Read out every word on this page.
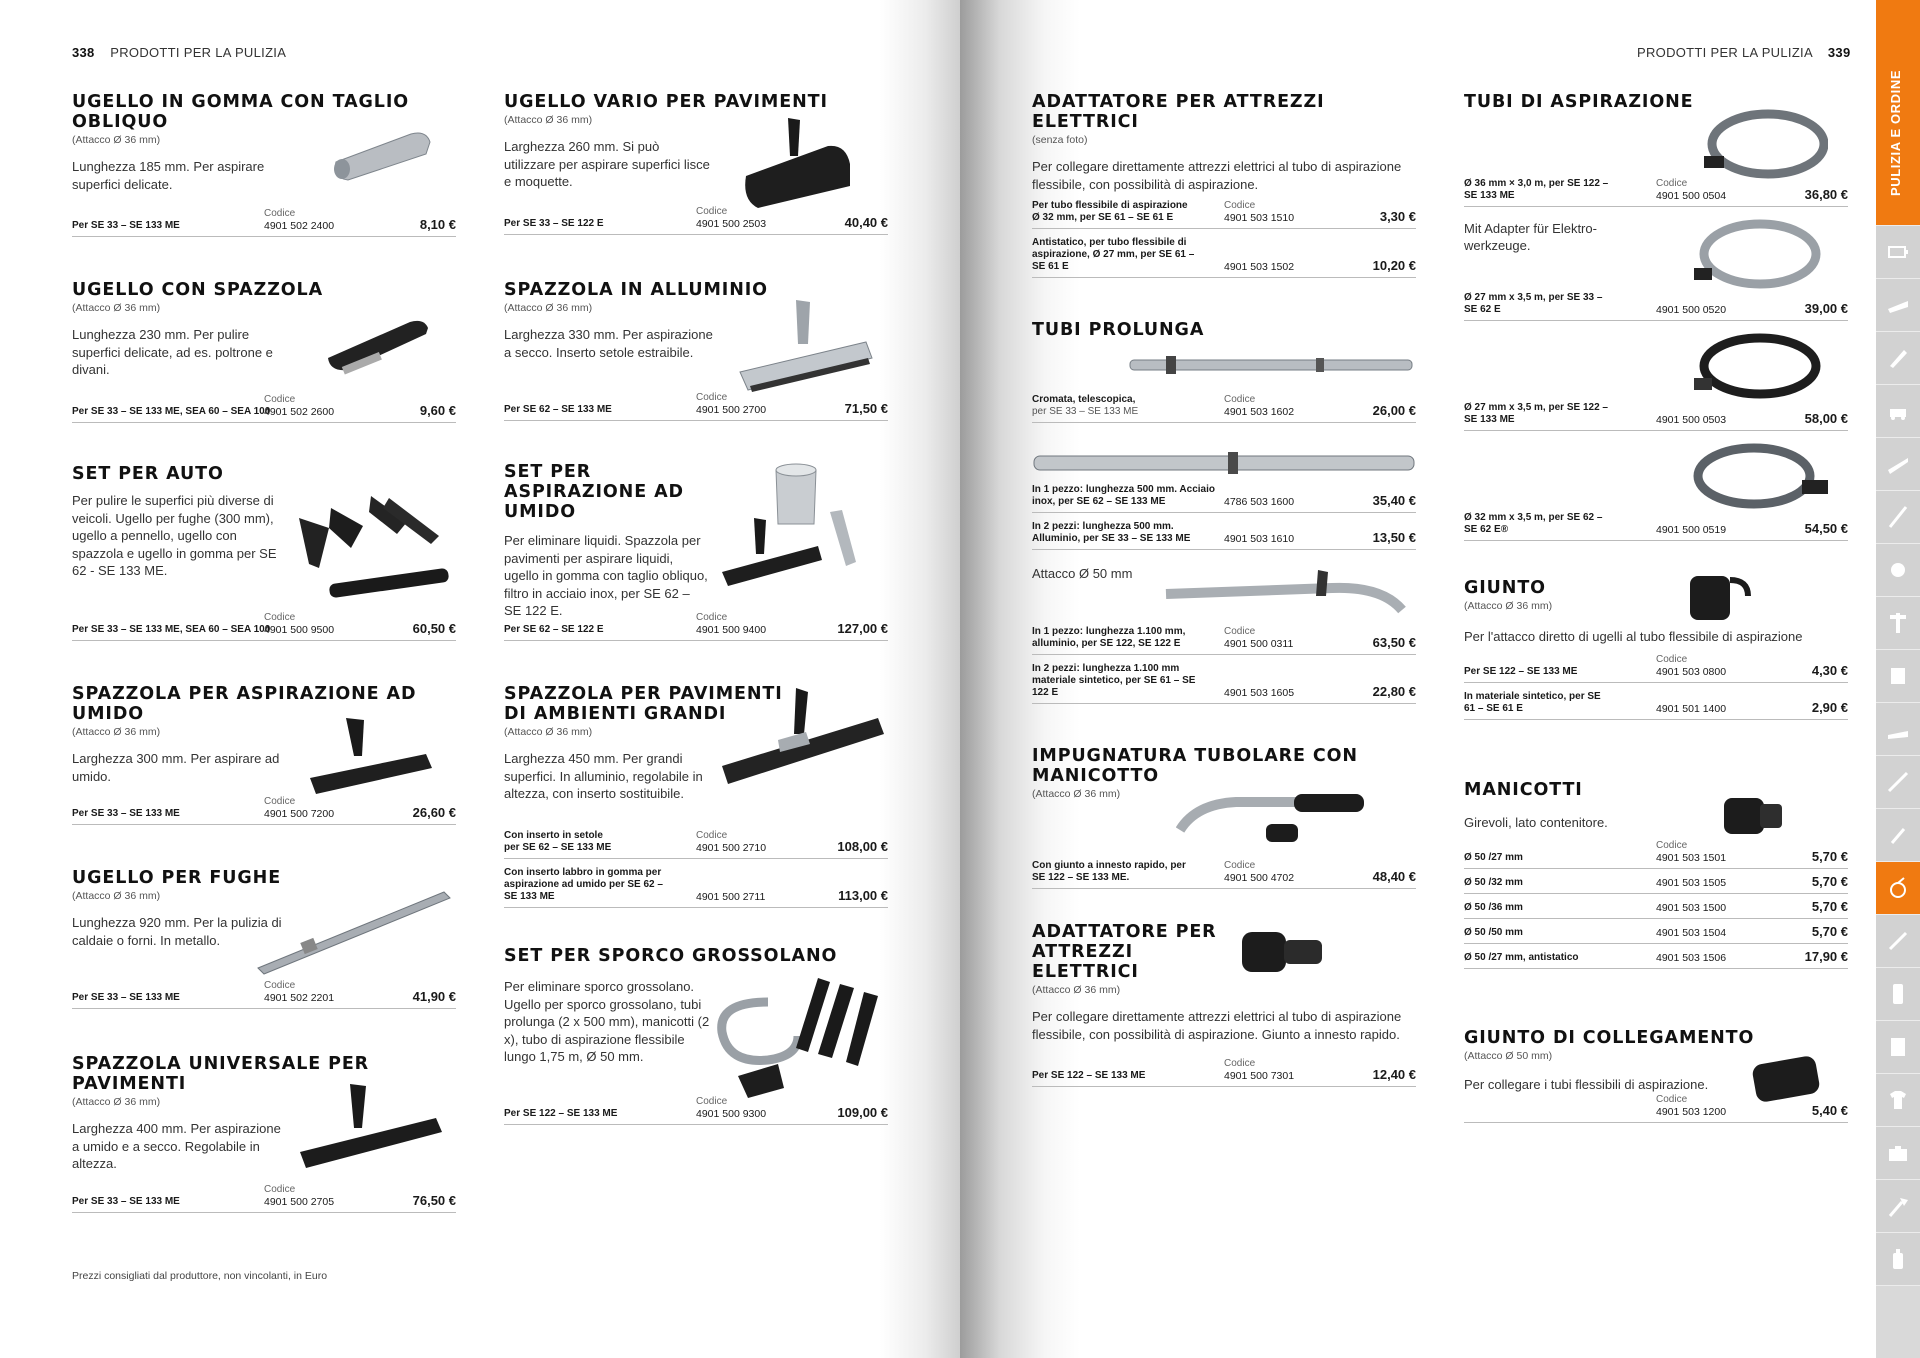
338 PRODOTTI PER LA PULIZIA
UGELLO IN GOMMA CON TAGLIO OBLIQUO
(Attacco Ø 36 mm)
Lunghezza 185 mm. Per aspirare superfici delicate.
Per SE 33 – SE 133 ME
Codice
4901 502 2400	8,10 €
UGELLO CON SPAZZOLA
(Attacco Ø 36 mm)
Lunghezza 230 mm. Per pulire superfici delicate, ad es. poltrone e divani.
Per SE 33 – SE 133 ME, SEA 60 – SEA 100
Codice
4901 502 2600	9,60 €
SET PER AUTO
Per pulire le superfici più diverse di veicoli. Ugello per fughe (300 mm), ugello a pennello, ugello con spazzola e ugello in gomma per SE 62 - SE 133 ME.
Per SE 33 – SE 133 ME, SEA 60 – SEA 100
Codice
4901 500 9500	60,50 €
SPAZZOLA PER ASPIRAZIONE AD UMIDO
(Attacco Ø 36 mm)
Larghezza 300 mm. Per aspirare ad umido.
Per SE 33 – SE 133 ME
Codice
4901 500 7200	26,60 €
UGELLO PER FUGHE
(Attacco Ø 36 mm)
Lunghezza 920 mm. Per la pulizia di caldaie o forni. In metallo.
Per SE 33 – SE 133 ME
Codice
4901 502 2201	41,90 €
SPAZZOLA UNIVERSALE PER PAVIMENTI
(Attacco Ø 36 mm)
Larghezza 400 mm. Per aspirazione a umido e a secco. Regolabile in altezza.
Per SE 33 – SE 133 ME
Codice
4901 500 2705	76,50 €
UGELLO VARIO PER PAVIMENTI
(Attacco Ø 36 mm)
Larghezza 260 mm. Si può utilizzare per aspirare superfici lisce e moquette.
Per SE 33 – SE 122 E
Codice
4901 500 2503	40,40 €
SPAZZOLA IN ALLUMINIO
(Attacco Ø 36 mm)
Larghezza 330 mm. Per aspirazione a secco. Inserto setole estraibile.
Per SE 62 – SE 133 ME
Codice
4901 500 2700	71,50 €
SET PER ASPIRAZIONE AD UMIDO
Per eliminare liquidi. Spazzola per pavimenti per aspirare liquidi, ugello in gomma con taglio obliquo, filtro in acciaio inox, per SE 62 – SE 122 E.
Per SE 62 – SE 122 E
Codice
4901 500 9400	127,00 €
SPAZZOLA PER PAVIMENTI DI AMBIENTI GRANDI
(Attacco Ø 36 mm)
Larghezza 450 mm. Per grandi superfici. In alluminio, regolabile in altezza, con inserto sostituibile.
Con inserto in setole
per SE 62 – SE 133 ME
Codice
4901 500 2710	108,00 €
Con inserto labbro in gomma per aspirazione ad umido per SE 62 – SE 133 ME	4901 500 2711	113,00 €
SET PER SPORCO GROSSOLANO
Per eliminare sporco grossolano. Ugello per sporco grossolano, tubi prolunga (2 x 500 mm), manicotti (2 x), tubo di aspirazione flessibile lungo 1,75 m, Ø 50 mm.
Per SE 122 – SE 133 ME
Codice
4901 500 9300	109,00 €
Prezzi consigliati dal produttore, non vincolanti, in Euro
PRODOTTI PER LA PULIZIA 339
ADATTATORE PER ATTREZZI ELETTRICI
(senza foto)
Per collegare direttamente attrezzi elettrici al tubo di aspirazione flessibile, con possibilità di aspirazione.
Per tubo flessibile di aspirazione Ø 32 mm, per SE 61 – SE 61 E
Codice
4901 503 1510	3,30 €
Antistatico, per tubo flessibile di aspirazione, Ø 27 mm, per SE 61 – SE 61 E	4901 503 1502	10,20 €
TUBI PROLUNGA
Cromata, telescopica,
per SE 33 – SE 133 ME
Codice
4901 503 1602	26,00 €
In 1 pezzo: lunghezza 500 mm. Acciaio inox, per SE 62 – SE 133 ME	4786 503 1600	35,40 €
In 2 pezzi: lunghezza 500 mm. Alluminio, per SE 33 – SE 133 ME	4901 503 1610	13,50 €
Attacco Ø 50 mm
In 1 pezzo: lunghezza 1.100 mm, alluminio, per SE 122, SE 122 E
Codice
4901 500 0311	63,50 €
In 2 pezzi: lunghezza 1.100 mm materiale sintetico, per SE 61 – SE 122 E	4901 503 1605	22,80 €
IMPUGNATURA TUBOLARE CON MANICOTTO
(Attacco Ø 36 mm)
Con giunto a innesto rapido, per SE 122 – SE 133 ME.
Codice
4901 500 4702	48,40 €
ADATTATORE PER ATTREZZI ELETTRICI
(Attacco Ø 36 mm)
Per collegare direttamente attrezzi elettrici al tubo di aspirazione flessibile, con possibilità di aspirazione. Giunto a innesto rapido.
Per SE 122 – SE 133 ME
Codice
4901 500 7301	12,40 €
TUBI DI ASPIRAZIONE
Ø 36 mm × 3,0 m, per SE 122 – SE 133 ME
Codice
4901 500 0504	36,80 €
Mit Adapter für Elektro-werkzeuge.
Ø 27 mm x 3,5 m, per SE 33 – SE 62 E	4901 500 0520	39,00 €
Ø 27 mm x 3,5 m, per SE 122 – SE 133 ME	4901 500 0503	58,00 €
Ø 32 mm x 3,5 m, per SE 62 – SE 62 E®	4901 500 0519	54,50 €
GIUNTO
(Attacco Ø 36 mm)
Per l'attacco diretto di ugelli al tubo flessibile di aspirazione
Per SE 122 – SE 133 ME
Codice
4901 503 0800	4,30 €
In materiale sintetico, per SE 61 – SE 61 E	4901 501 1400	2,90 €
MANICOTTI
Girevoli, lato contenitore.
Ø 50 /27 mm
Codice
4901 503 1501	5,70 €
Ø 50 /32 mm	4901 503 1505	5,70 €
Ø 50 /36 mm	4901 503 1500	5,70 €
Ø 50 /50 mm	4901 503 1504	5,70 €
Ø 50 /27 mm, antistatico	4901 503 1506	17,90 €
GIUNTO DI COLLEGAMENTO
(Attacco Ø 50 mm)
Per collegare i tubi flessibili di aspirazione.
Codice
4901 503 1200	5,40 €
PULIZIA E ORDINE
